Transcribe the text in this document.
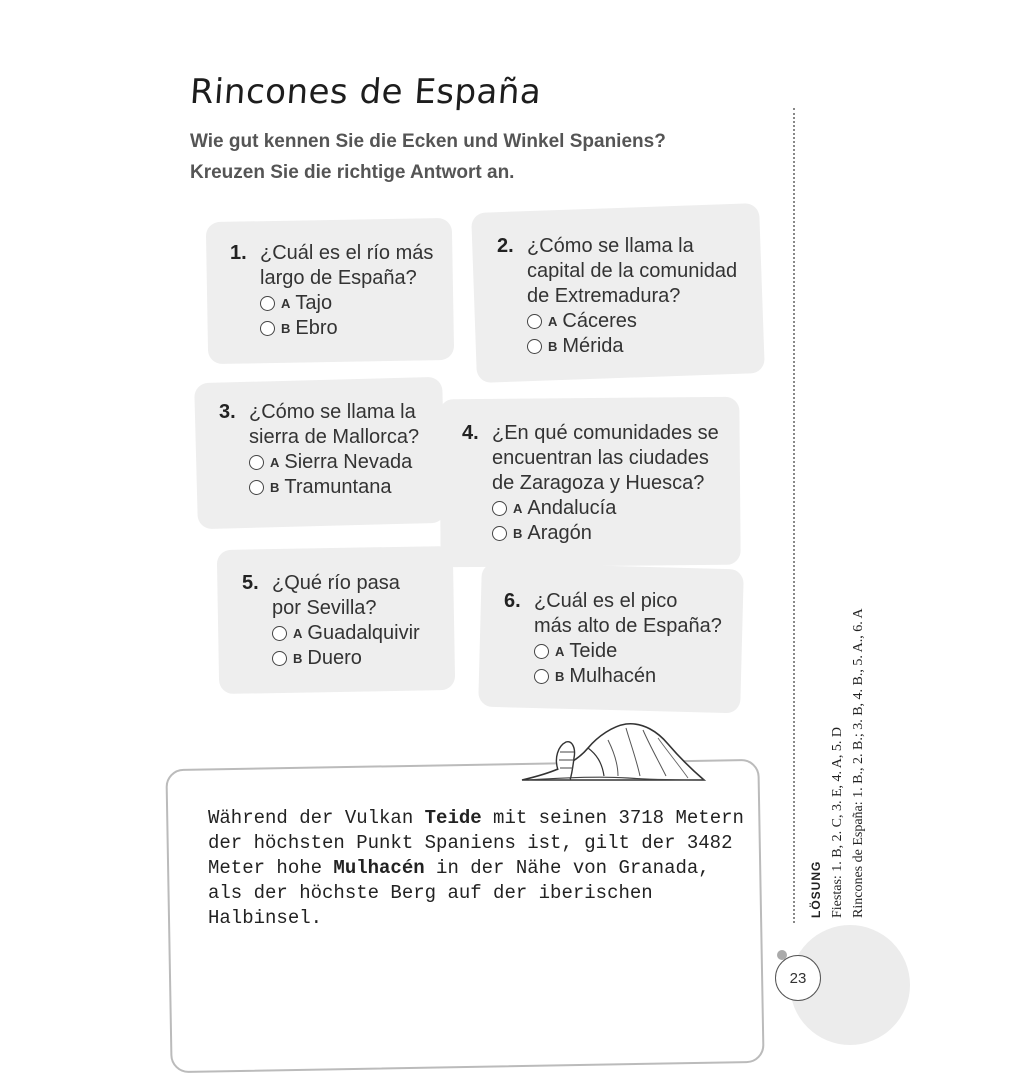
Rincones de España
Wie gut kennen Sie die Ecken und Winkel Spaniens?
Kreuzen Sie die richtige Antwort an.
1. ¿Cuál es el río más
largo de España?
A Tajo
B Ebro
2. ¿Cómo se llama la
capital de la comunidad
de Extremadura?
A Cáceres
B Mérida
3. ¿Cómo se llama la
sierra de Mallorca?
A Sierra Nevada
B Tramuntana
4. ¿En qué comunidades se
encuentran las ciudades
de Zaragoza y Huesca?
A Andalucía
B Aragón
5. ¿Qué río pasa
por Sevilla?
A Guadalquivir
B Duero
6. ¿Cuál es el pico
más alto de España?
A Teide
B Mulhacén
Während der Vulkan Teide mit seinen 3718 Metern der höchsten Punkt Spaniens ist, gilt der 3482 Meter hohe Mulhacén in der Nähe von Granada, als der höchste Berg auf der iberischen Halbinsel.	LÖSUNG Fiestas: 1. B, 2. C, 3. E, 4. A, 5. D Rincones de España: 1. B., 2. B.; 3. B, 4. B., 5. A., 6. A
23
